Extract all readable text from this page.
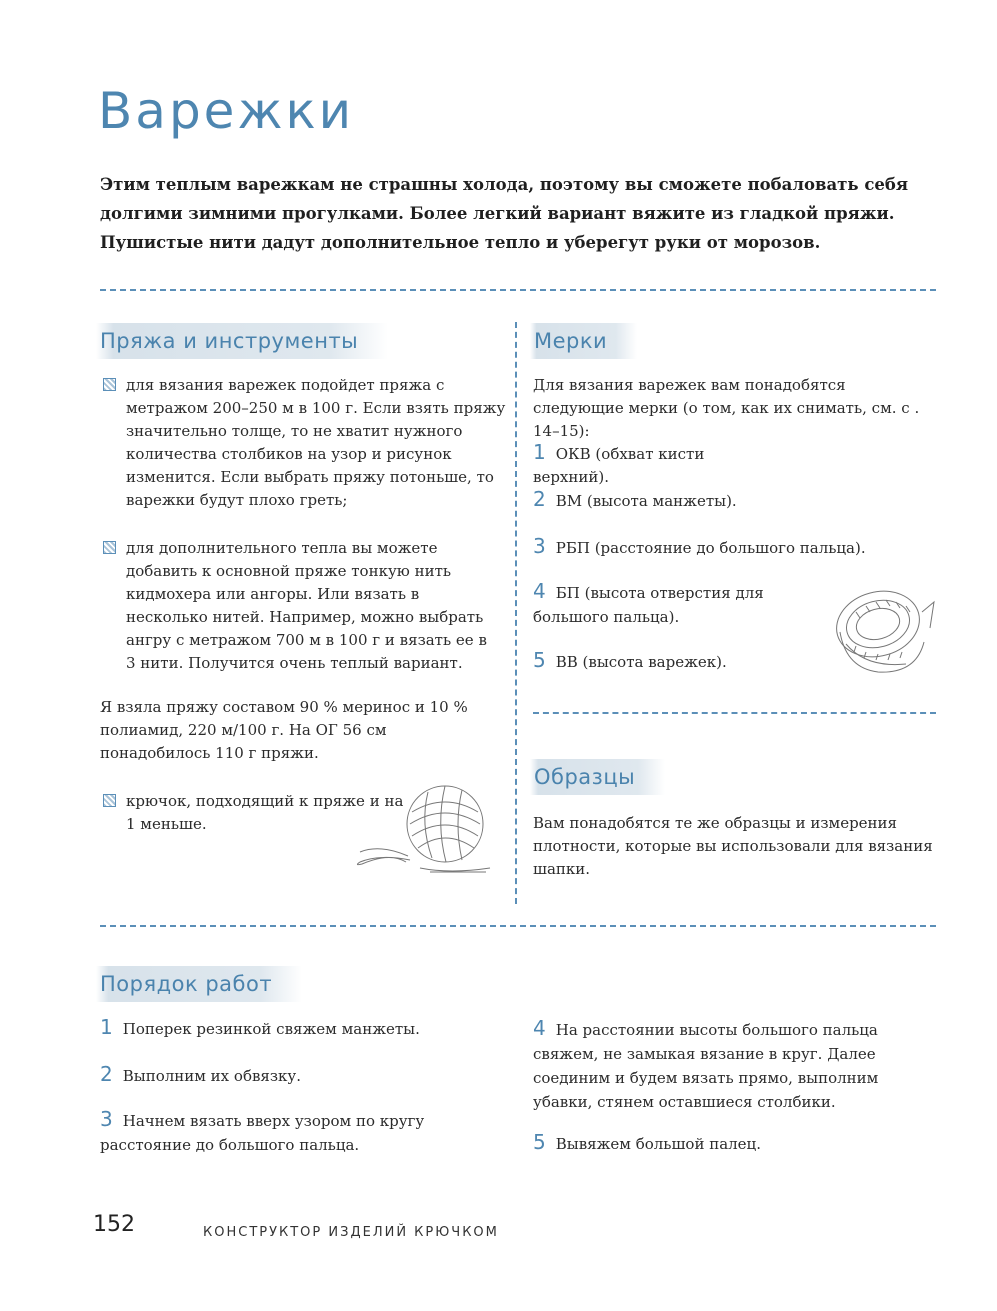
Варежки

Этим теплым варежкам не страшны холода, поэтому вы сможете побаловать себя долгими зимними прогулками. Более легкий вариант вяжите из гладкой пряжи. Пушистые нити дадут дополнительное тепло и уберегут руки от морозов.

Пряжа и инструменты

для вязания варежек подойдет пряжа с метражом 200–250 м в 100 г. Если взять пряжу значительно толще, то не хватит нужного количества столбиков на узор и рисунок изменится. Если выбрать пряжу потоньше, то варежки будут плохо греть;

для дополнительного тепла вы можете добавить к основной пряже тонкую нить кидмохера или ангоры. Или вязать в несколько нитей. Например, можно выбрать ангру с метражом 700 м в 100 г и вязать ее в 3 нити. Получится очень теплый вариант.

Я взяла пряжу составом 90 % меринос и 10 % полиамид, 220 м/100 г. На ОГ 56 см понадобилось 110 г пряжи.

крючок, подходящий к пряже и на 1 меньше.

Мерки

Для вязания варежек вам понадобятся следующие мерки (о том, как их снимать, см. с . 14–15):

1 ОКВ (обхват кисти верхний).
2 ВМ (высота манжеты).
3 РБП (расстояние до большого пальца).
4 БП (высота отверстия для большого пальца).
5 ВВ (высота варежек).
Образцы

Вам понадобятся те же образцы и измерения плотности, которые вы использовали для вязания шапки.

Порядок работ
1 Поперек резинкой свяжем манжеты.
2 Выполним их обвязку.
3 Начнем вязать вверх узором по кругу расстояние до большого пальца.
4 На расстоянии высоты большого пальца свяжем, не замыкая вязание в круг. Далее соединим и будем вязать прямо, выполним убавки, стянем оставшиеся столбики.
5 Вывяжем большой палец.
152	КОНСТРУКТОР ИЗДЕЛИЙ КРЮЧКОМ
